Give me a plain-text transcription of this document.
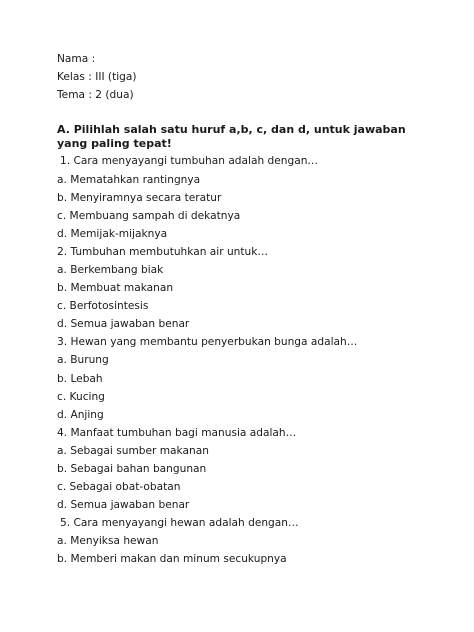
Nama :
Kelas : III (tiga)
Tema : 2 (dua)
A. Pilihlah salah satu huruf a,b, c, dan d, untuk jawaban yang paling tepat!
1. Cara menyayangi tumbuhan adalah dengan…
a. Mematahkan rantingnya
b. Menyiramnya secara teratur
c. Membuang sampah di dekatnya
d. Memijak-mijaknya
2. Tumbuhan membutuhkan air untuk…
a. Berkembang biak
b. Membuat makanan
c. Berfotosintesis
d. Semua jawaban benar
3. Hewan yang membantu penyerbukan bunga adalah…
a. Burung
b. Lebah
c. Kucing
d. Anjing
4. Manfaat tumbuhan bagi manusia adalah…
a. Sebagai sumber makanan
b. Sebagai bahan bangunan
c. Sebagai obat-obatan
d. Semua jawaban benar
5. Cara menyayangi hewan adalah dengan…
a. Menyiksa hewan
b. Memberi makan dan minum secukupnya
